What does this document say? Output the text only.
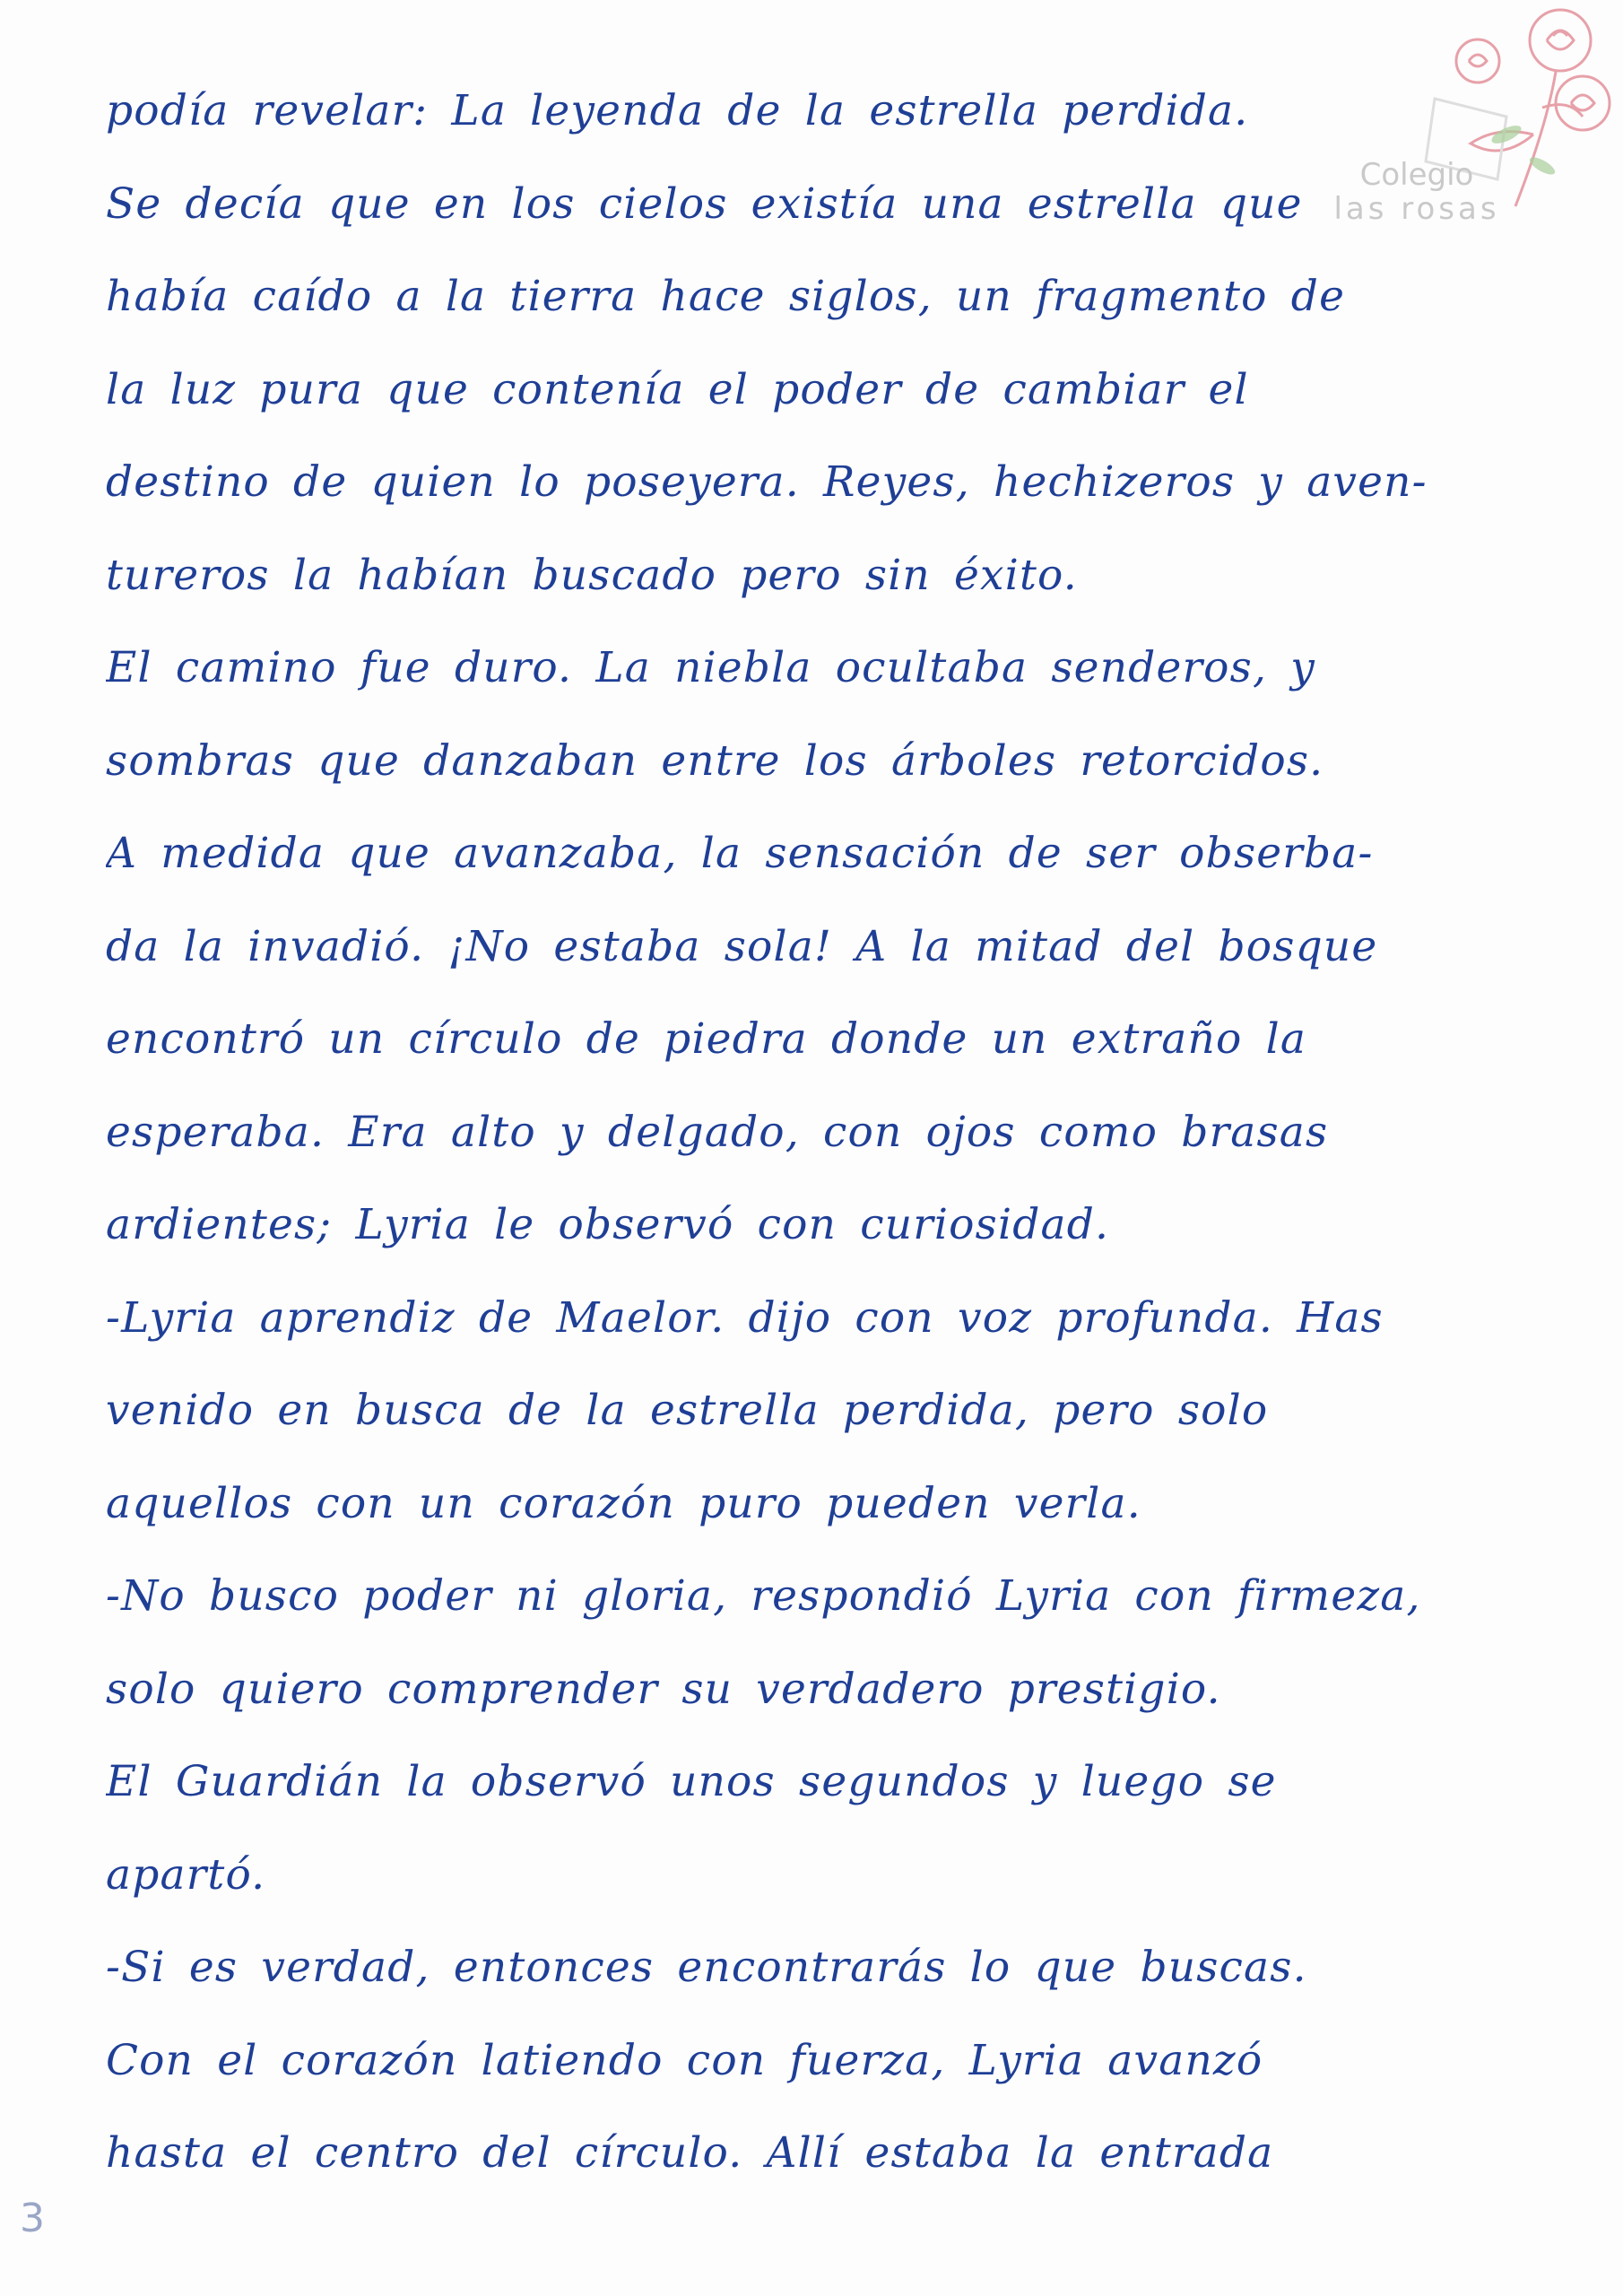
Colegio
las rosas
podía revelar: La leyenda de la estrella perdida.
Se decía que en los cielos existía una estrella que
había caído a la tierra hace siglos, un fragmento de
la luz pura que contenía el poder de cambiar el
destino de quien lo poseyera. Reyes, hechizeros y aven-
tureros la habían buscado pero sin éxito.
El camino fue duro. La niebla ocultaba senderos, y
sombras que danzaban entre los árboles retorcidos.
A medida que avanzaba, la sensación de ser obserba-
da la invadió. ¡No estaba sola! A la mitad del bosque
encontró un círculo de piedra donde un extraño la
esperaba. Era alto y delgado, con ojos como brasas
ardientes; Lyria le observó con curiosidad.
-Lyria aprendiz de Maelor. dijo con voz profunda. Has
venido en busca de la estrella perdida, pero solo
aquellos con un corazón puro pueden verla.
-No busco poder ni gloria, respondió Lyria con firmeza,
solo quiero comprender su verdadero prestigio.
El Guardián la observó unos segundos y luego se
apartó.
-Si es verdad, entonces encontrarás lo que buscas.
Con el corazón latiendo con fuerza, Lyria avanzó
hasta el centro del círculo. Allí estaba la entrada
3
